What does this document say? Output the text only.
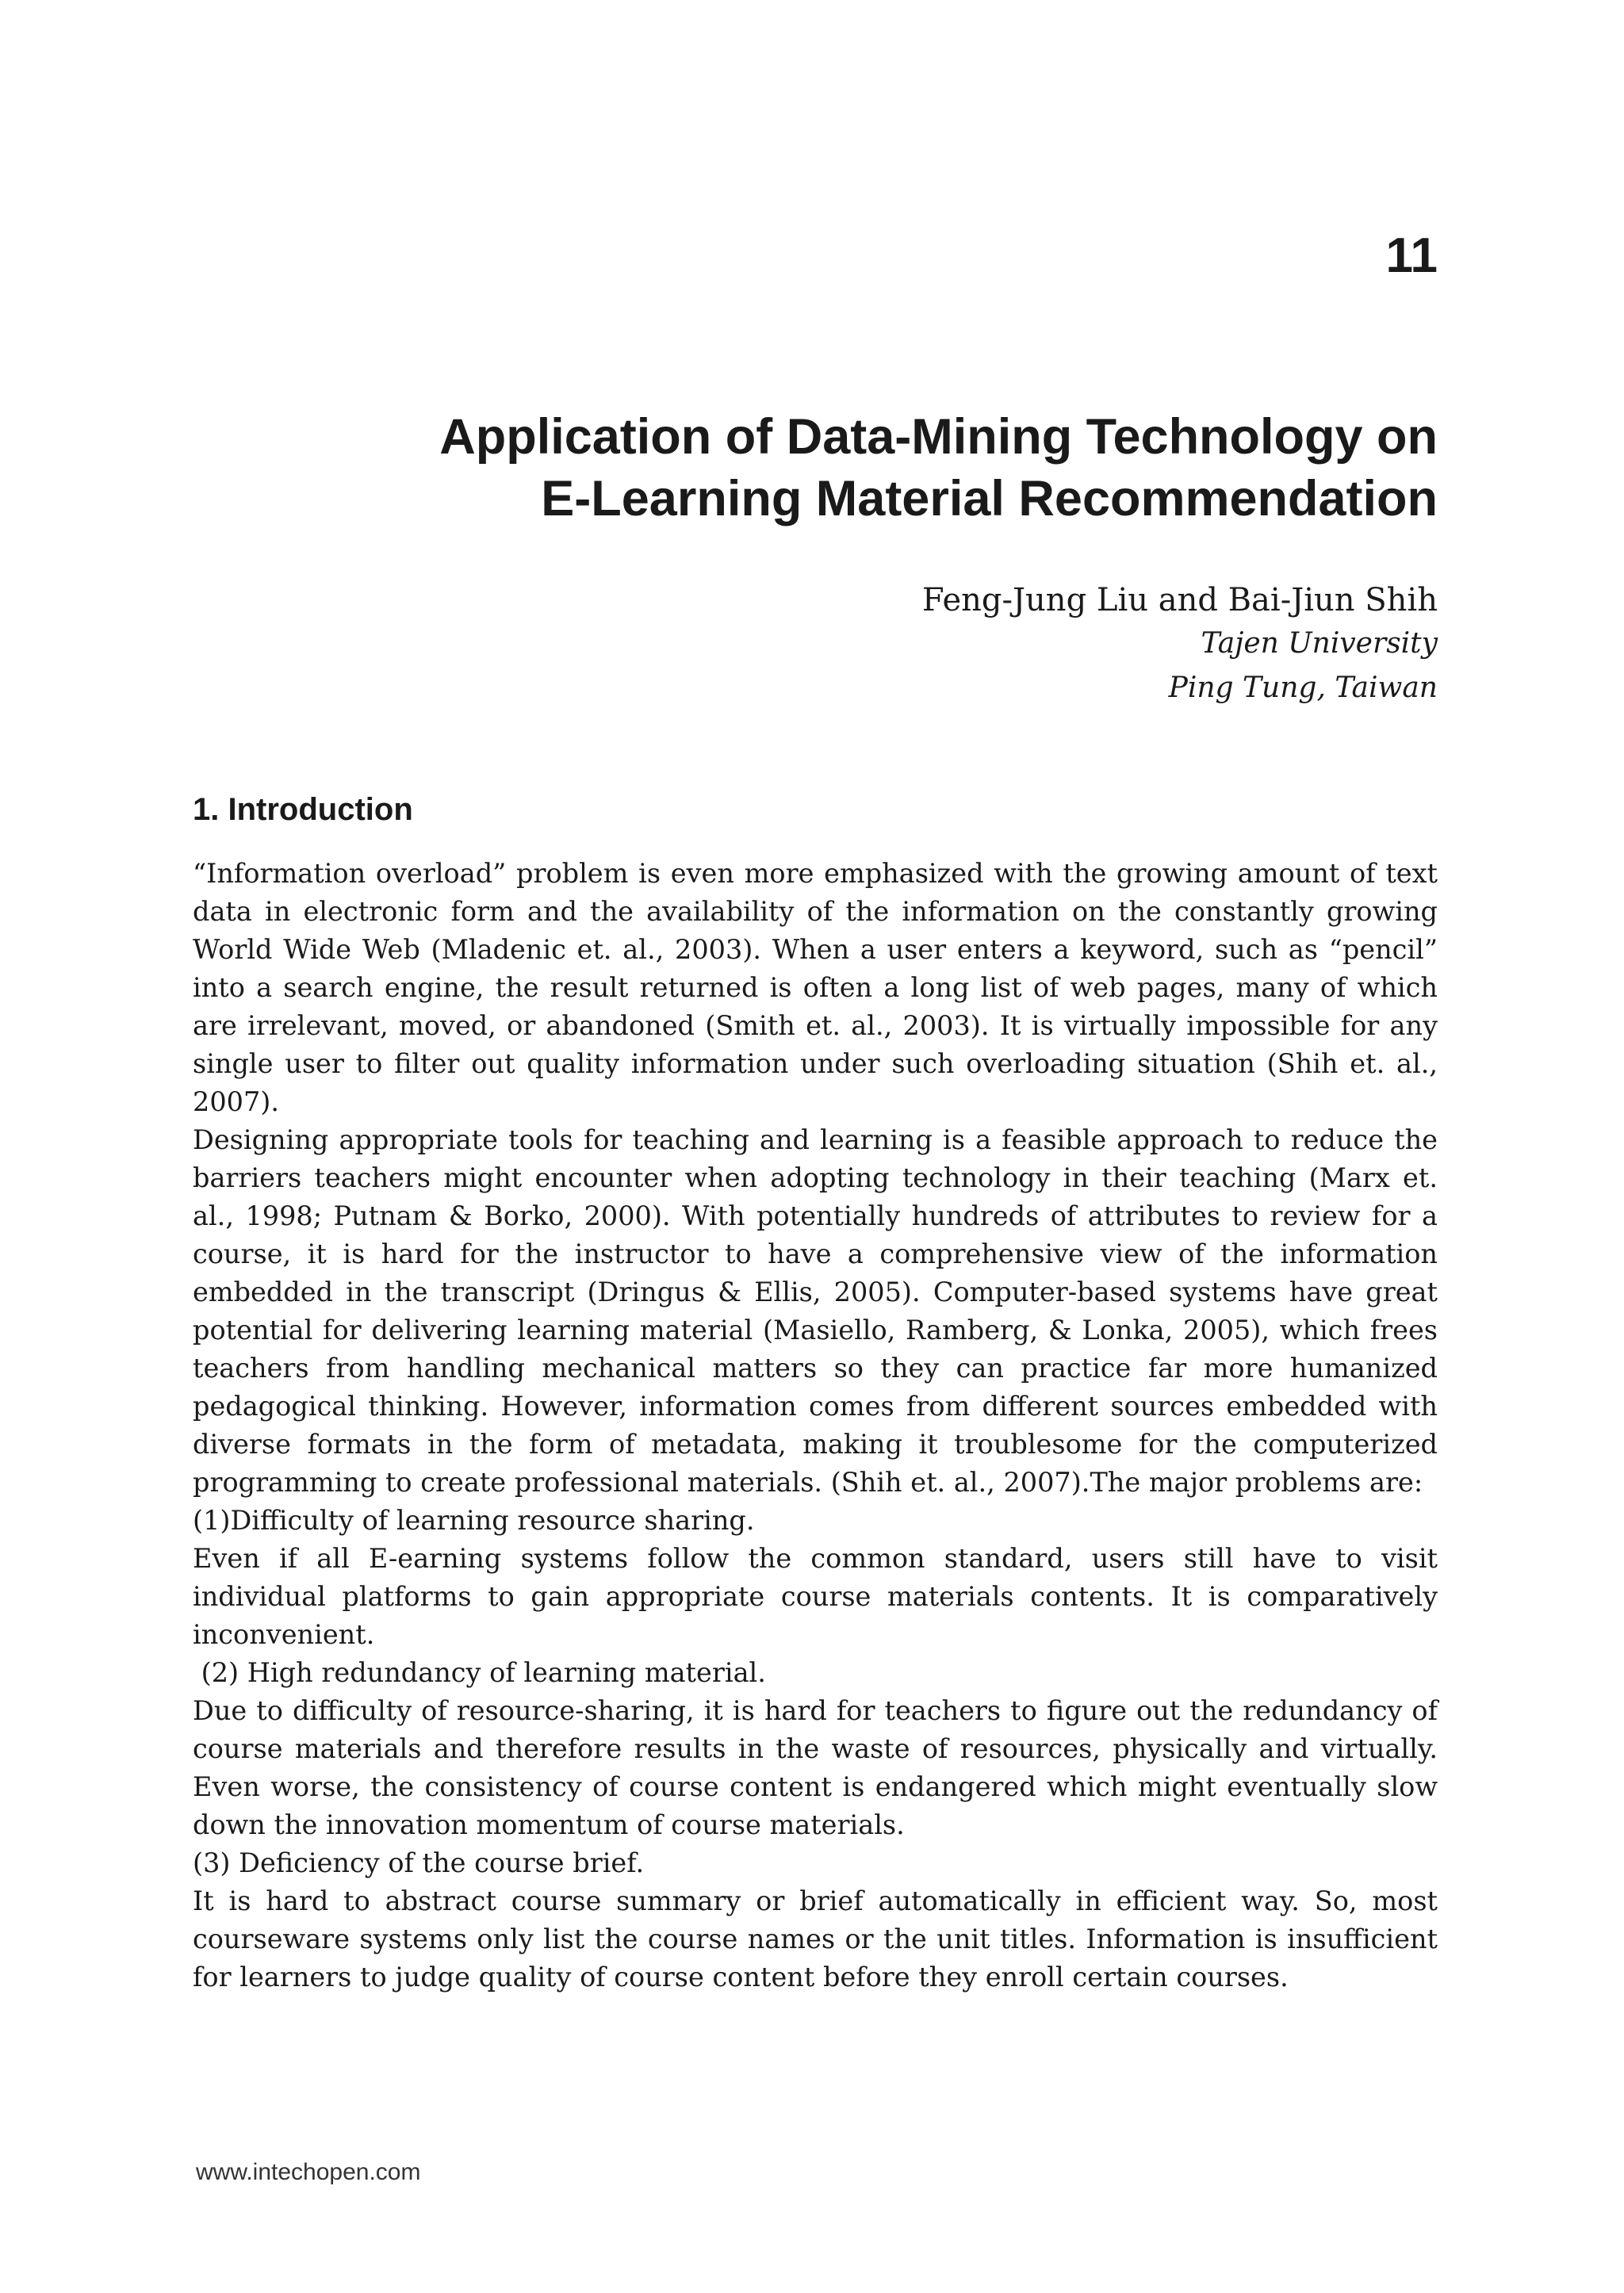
11
Application of Data-Mining Technology on
E-Learning Material Recommendation
Feng-Jung Liu and Bai-Jiun Shih
Tajen University
Ping Tung, Taiwan
1. Introduction

“Information overload” problem is even more emphasized with the growing amount of text data in electronic form and the availability of the information on the constantly growing World Wide Web (Mladenic et. al., 2003). When a user enters a keyword, such as “pencil” into a search engine, the result returned is often a long list of web pages, many of which are irrelevant, moved, or abandoned (Smith et. al., 2003). It is virtually impossible for any single user to filter out quality information under such overloading situation (Shih et. al., 2007).

Designing appropriate tools for teaching and learning is a feasible approach to reduce the barriers teachers might encounter when adopting technology in their teaching (Marx et. al., 1998; Putnam & Borko, 2000). With potentially hundreds of attributes to review for a course, it is hard for the instructor to have a comprehensive view of the information embedded in the transcript (Dringus & Ellis, 2005). Computer-based systems have great potential for delivering learning material (Masiello, Ramberg, & Lonka, 2005), which frees teachers from handling mechanical matters so they can practice far more humanized pedagogical thinking. However, information comes from different sources embedded with diverse formats in the form of metadata, making it troublesome for the computerized programming to create professional materials. (Shih et. al., 2007).The major problems are:

(1)Difficulty of learning resource sharing.

Even if all E-earning systems follow the common standard, users still have to visit individual platforms to gain appropriate course materials contents. It is comparatively inconvenient.

(2) High redundancy of learning material.

Due to difficulty of resource-sharing, it is hard for teachers to figure out the redundancy of course materials and therefore results in the waste of resources, physically and virtually. Even worse, the consistency of course content is endangered which might eventually slow down the innovation momentum of course materials.

(3) Deficiency of the course brief.

It is hard to abstract course summary or brief automatically in efficient way. So, most courseware systems only list the course names or the unit titles. Information is insufficient for learners to judge quality of course content before they enroll certain courses.

www.intechopen.com
